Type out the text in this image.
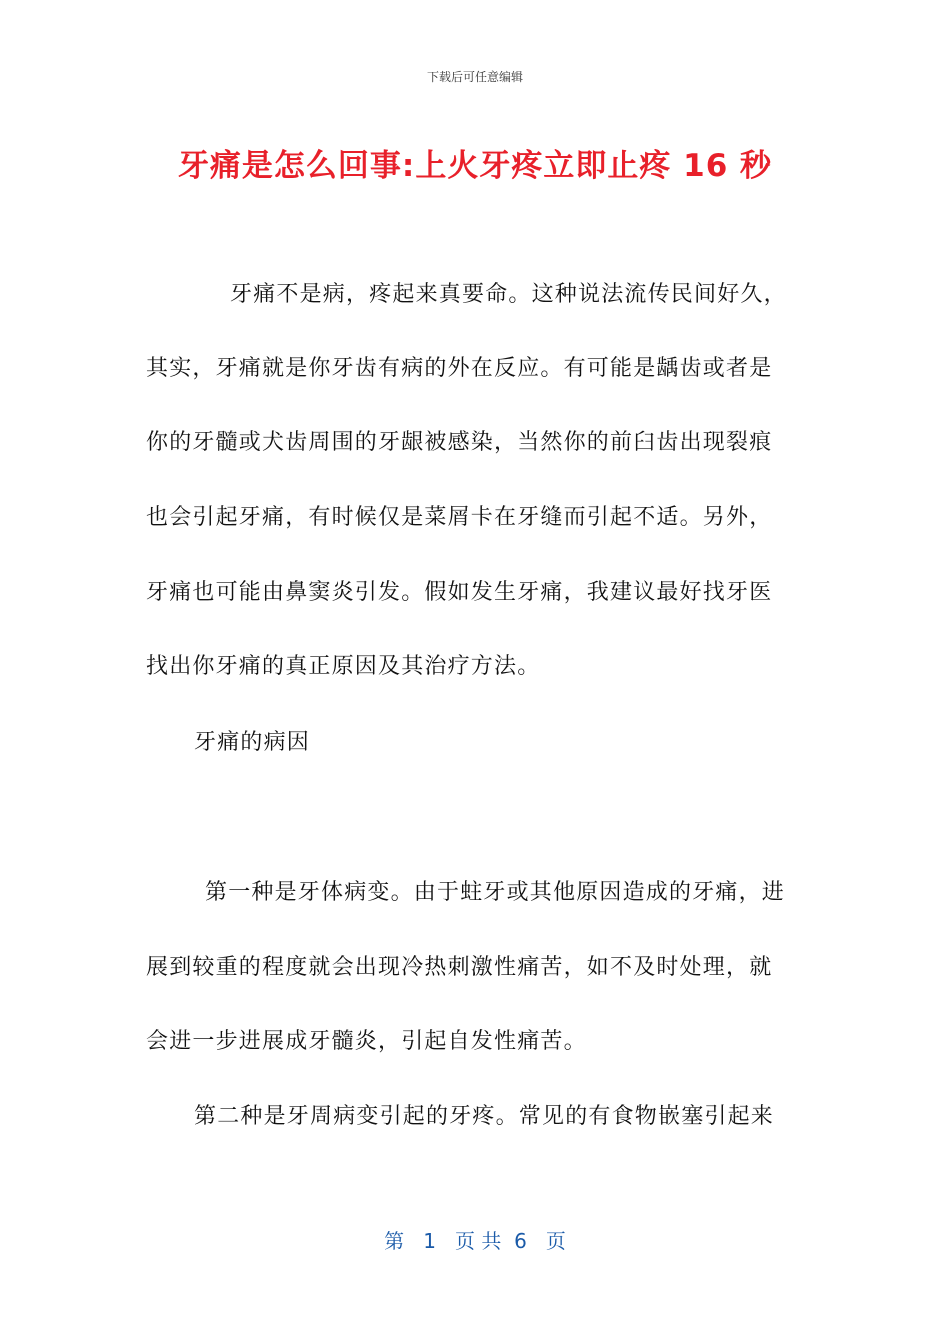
下载后可任意编辑
牙痛是怎么回事:上火牙疼立即止疼 16 秒
牙痛不是病，疼起来真要命。这种说法流传民间好久，
其实，牙痛就是你牙齿有病的外在反应。有可能是龋齿或者是
你的牙髓或犬齿周围的牙龈被感染，当然你的前臼齿出现裂痕
也会引起牙痛，有时候仅是菜屑卡在牙缝而引起不适。另外，
牙痛也可能由鼻窦炎引发。假如发生牙痛，我建议最好找牙医
找出你牙痛的真正原因及其治疗方法。
牙痛的病因
第一种是牙体病变。由于蛀牙或其他原因造成的牙痛，进
展到较重的程度就会出现冷热刺激性痛苦，如不及时处理，就
会进一步进展成牙髓炎，引起自发性痛苦。
第二种是牙周病变引起的牙疼。常见的有食物嵌塞引起来
第   1   页 共  6   页
